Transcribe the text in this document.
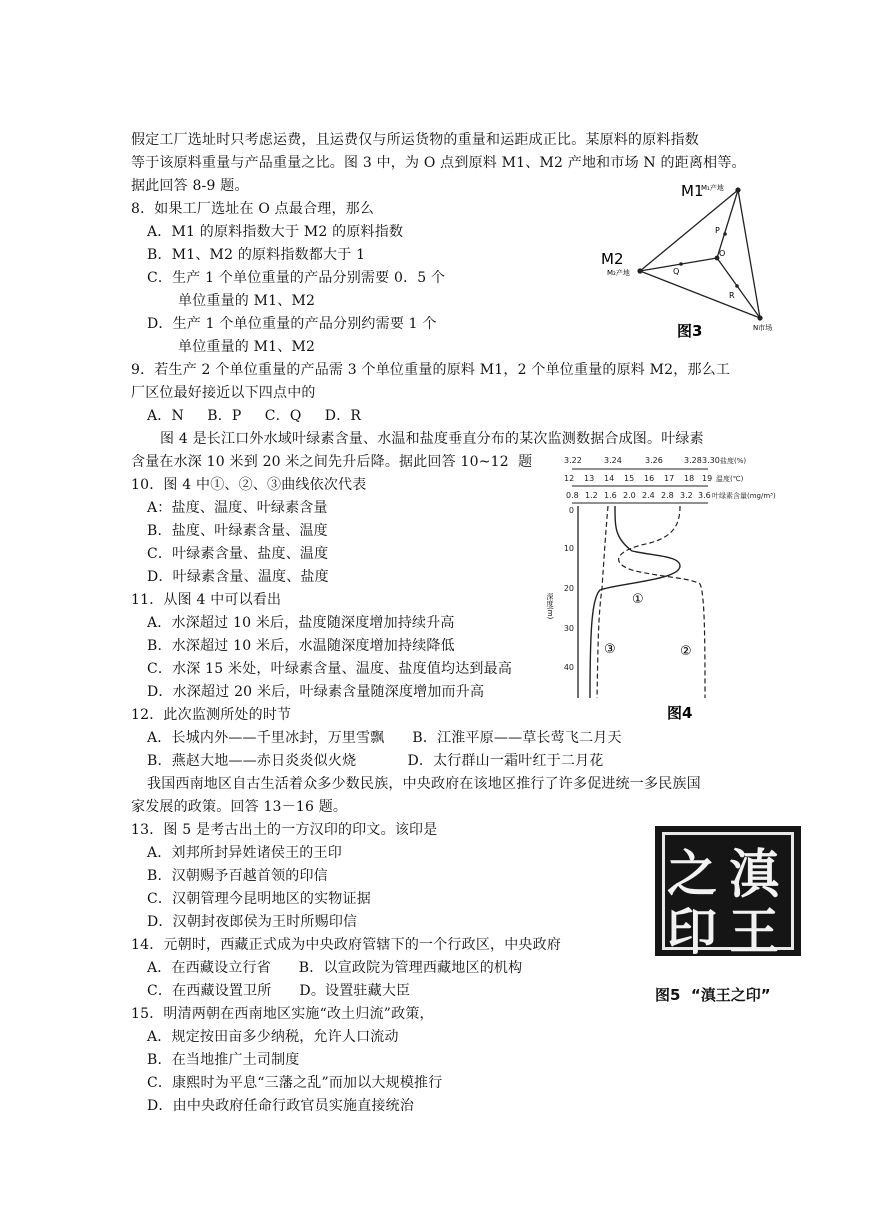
假定工厂选址时只考虑运费，且运费仅与所运货物的重量和运距成正比。某原料的原料指数
等于该原料重量与产品重量之比。图 3 中，为 O 点到原料 M1、M2 产地和市场 N 的距离相等。
据此回答 8-9 题。
8．如果工厂选址在 O 点最合理，那么
A．M1 的原料指数大于 M2 的原料指数
B．M1、M2 的原料指数都大于 1
C．生产 1 个单位重量的产品分别需要 0．5 个
单位重量的 M1、M2
D．生产 1 个单位重量的产品分别约需要 1 个
单位重量的 M1、M2
9．若生产 2 个单位重量的产品需 3 个单位重量的原料 M1，2 个单位重量的原料 M2，那么工
厂区位最好接近以下四点中的
A．N     B．P     C．Q     D．R
图 4 是长江口外水域叶绿素含量、水温和盐度垂直分布的某次监测数据合成图。叶绿素
含量在水深 10 米到 20 米之间先升后降。据此回答 10~12  题
10．图 4 中①、②、③曲线依次代表
A：盐度、温度、叶绿素含量
B．盐度、叶绿素含量、温度
C．叶绿素含量、盐度、温度
D．叶绿素含量、温度、盐度
11．从图 4 中可以看出
A．水深超过 10 米后，盐度随深度增加持续升高
B．水深超过 10 米后，水温随深度增加持续降低
C．水深 15 米处，叶绿素含量、温度、盐度值均达到最高
D．水深超过 20 米后，叶绿素含量随深度增加而升高
12．此次监测所处的时节
A．长城内外——千里冰封，万里雪飘      B．江淮平原——草长莺飞二月天
B．燕赵大地——赤日炎炎似火烧           D．太行群山一霜叶红于二月花
我国西南地区自古生活着众多少数民族，中央政府在该地区推行了许多促进统一多民族国
家发展的政策。回答 13－16 题。
13．图 5 是考古出土的一方汉印的印文。该印是
A．刘邦所封异姓诸侯王的王印
B．汉朝赐予百越首领的印信
C．汉朝管理今昆明地区的实物证据
D．汉朝封夜郎侯为王时所赐印信
14．元朝时，西藏正式成为中央政府管辖下的一个行政区，中央政府
A．在西藏设立行省      B．以宣政院为管理西藏地区的机构
C．在西藏设置卫所      D。设置驻藏大臣
15．明清两朝在西南地区实施“改土归流”政策，
A．规定按田亩多少纳税，允许人口流动
B．在当地推广土司制度
C．康熙时为平息“三藩之乱”而加以大规模推行
D．由中央政府任命行政官员实施直接统治
M1
M₁产地
M2
M₂产地
N市场
P
Q
O
R
图3
3.22	3.24	3.26	3.28 3.30 盐度(%)
12 13 14 15 16 17 18 19 温度(℃)
0.8 1.2 1.6 2.0 2.4 2.8 3.2 3.6 叶绿素含量(mg/m³)
0
10
20
30
40
深度(m)	①
②
③
图4
滇
王
之
印
图5  “滇王之印”
